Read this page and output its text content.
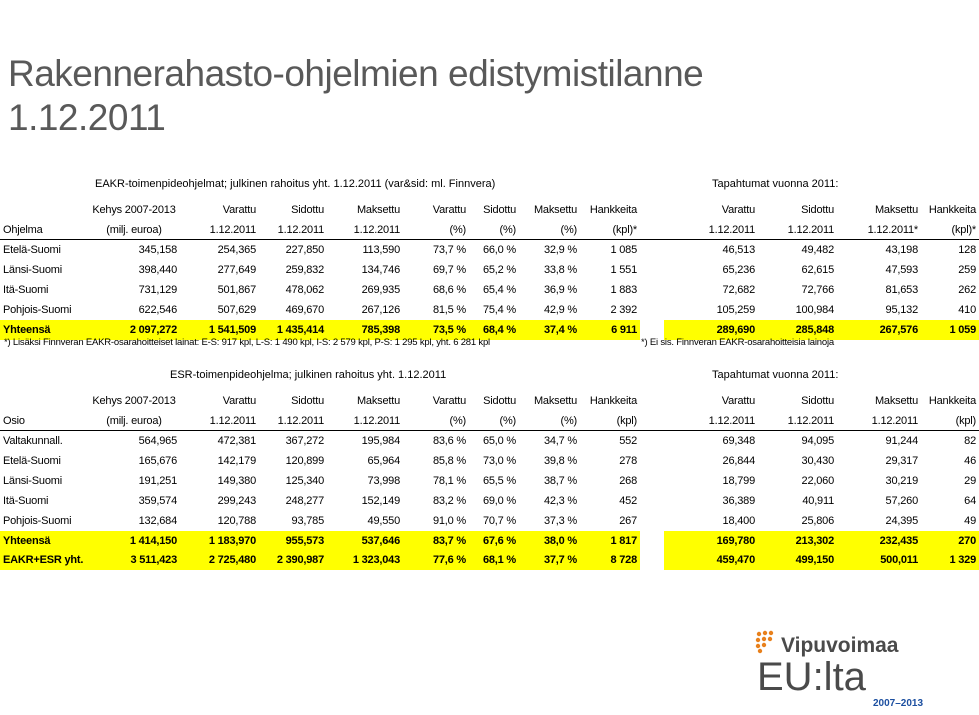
Rakennerahasto-ohjelmien edistymistilanne 1.12.2011
EAKR-toimenpideohjelmat; julkinen rahoitus yht. 1.12.2011 (var&sid: ml. Finnvera)	Tapahtumat vuonna 2011:
	Kehys 2007-2013	Varattu	Sidottu	Maksettu	Varattu	Sidottu	Maksettu	Hankkeita		Varattu	Sidottu	Maksettu	Hankkeita
Ohjelma	(milj. euroa)	1.12.2011	1.12.2011	1.12.2011	(%)	(%)	(%)	(kpl)*		1.12.2011	1.12.2011	1.12.2011*	(kpl)*
Etelä-Suomi	345,158	254,365	227,850	113,590	73,7 %	66,0 %	32,9 %	1 085		46,513	49,482	43,198	128
Länsi-Suomi	398,440	277,649	259,832	134,746	69,7 %	65,2 %	33,8 %	1 551		65,236	62,615	47,593	259
Itä-Suomi	731,129	501,867	478,062	269,935	68,6 %	65,4 %	36,9 %	1 883		72,682	72,766	81,653	262
Pohjois-Suomi	622,546	507,629	469,670	267,126	81,5 %	75,4 %	42,9 %	2 392		105,259	100,984	95,132	410
Yhteensä	2 097,272	1 541,509	1 435,414	785,398	73,5 %	68,4 %	37,4 %	6 911		289,690	285,848	267,576	1 059
*) Lisäksi Finnveran EAKR-osarahoitteiset lainat: E-S: 917 kpl, L-S: 1 490 kpl, I-S: 2 579 kpl, P-S: 1 295 kpl, yht. 6 281 kpl	*) Ei sis. Finnveran EAKR-osarahoitteisia lainoja
ESR-toimenpideohjelma; julkinen rahoitus yht. 1.12.2011	Tapahtumat vuonna 2011:
	Kehys 2007-2013	Varattu	Sidottu	Maksettu	Varattu	Sidottu	Maksettu	Hankkeita		Varattu	Sidottu	Maksettu	Hankkeita
Osio	(milj. euroa)	1.12.2011	1.12.2011	1.12.2011	(%)	(%)	(%)	(kpl)		1.12.2011	1.12.2011	1.12.2011	(kpl)
Valtakunnall.	564,965	472,381	367,272	195,984	83,6 %	65,0 %	34,7 %	552		69,348	94,095	91,244	82
Etelä-Suomi	165,676	142,179	120,899	65,964	85,8 %	73,0 %	39,8 %	278		26,844	30,430	29,317	46
Länsi-Suomi	191,251	149,380	125,340	73,998	78,1 %	65,5 %	38,7 %	268		18,799	22,060	30,219	29
Itä-Suomi	359,574	299,243	248,277	152,149	83,2 %	69,0 %	42,3 %	452		36,389	40,911	57,260	64
Pohjois-Suomi	132,684	120,788	93,785	49,550	91,0 %	70,7 %	37,3 %	267		18,400	25,806	24,395	49
Yhteensä	1 414,150	1 183,970	955,573	537,646	83,7 %	67,6 %	38,0 %	1 817		169,780	213,302	232,435	270
EAKR+ESR yht.	3 511,423	2 725,480	2 390,987	1 323,043	77,6 %	68,1 %	37,7 %	8 728		459,470	499,150	500,011	1 329
Vipuvoimaa
EU:lta
2007–2013
